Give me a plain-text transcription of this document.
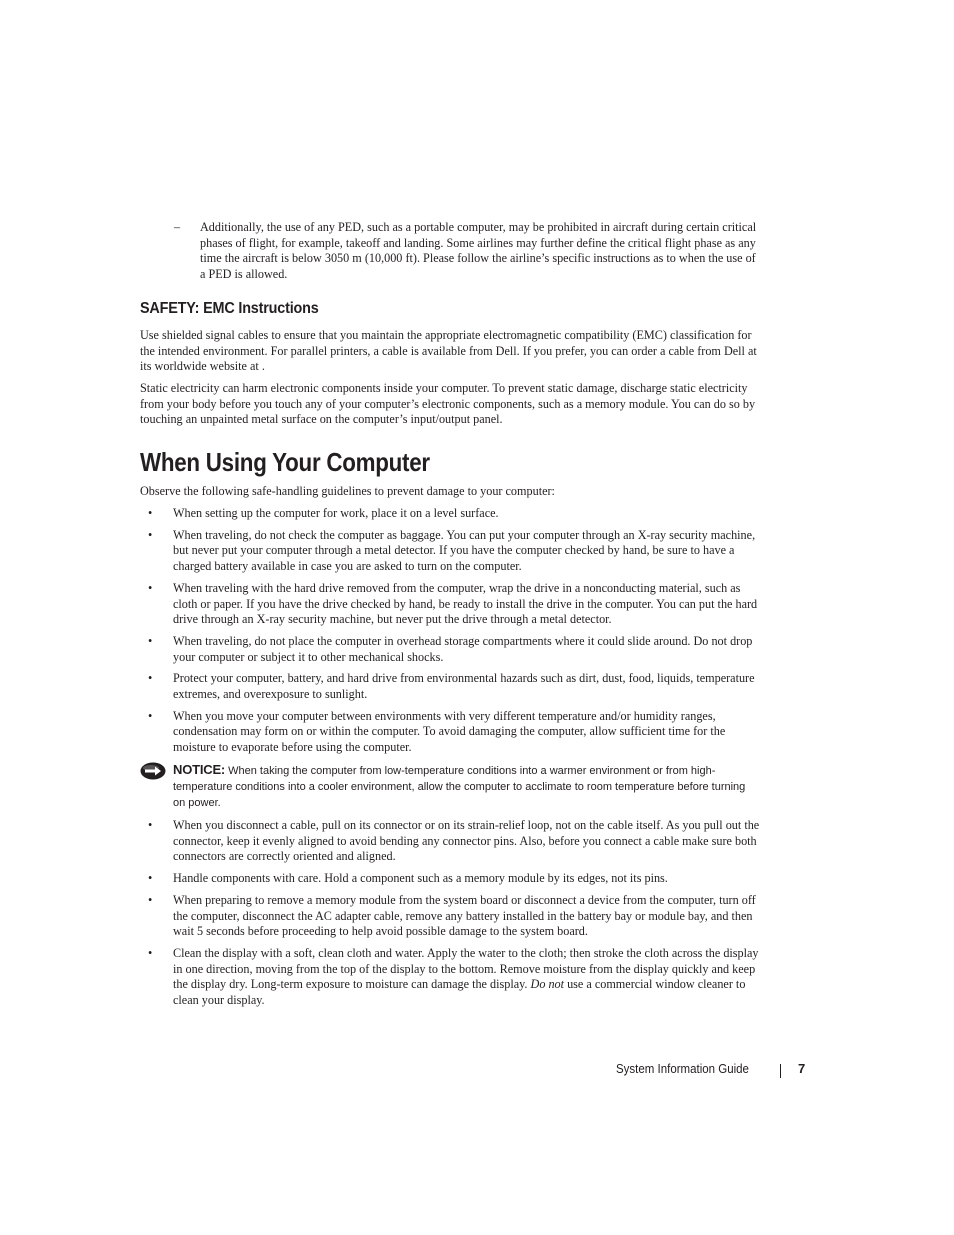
– Additionally, the use of any PED, such as a portable computer, may be prohibited in aircraft during certain critical phases of flight, for example, takeoff and landing. Some airlines may further define the critical flight phase as any time the aircraft is below 3050 m (10,000 ft). Please follow the airline’s specific instructions as to when the use of a PED is allowed.
SAFETY: EMC Instructions
Use shielded signal cables to ensure that you maintain the appropriate electromagnetic compatibility (EMC) classification for the intended environment. For parallel printers, a cable is available from Dell. If you prefer, you can order a cable from Dell at its worldwide website at .
Static electricity can harm electronic components inside your computer. To prevent static damage, discharge static electricity from your body before you touch any of your computer’s electronic components, such as a memory module. You can do so by touching an unpainted metal surface on the computer’s input/output panel.
When Using Your Computer
Observe the following safe-handling guidelines to prevent damage to your computer:
• When setting up the computer for work, place it on a level surface.
• When traveling, do not check the computer as baggage. You can put your computer through an X-ray security machine, but never put your computer through a metal detector. If you have the computer checked by hand, be sure to have a charged battery available in case you are asked to turn on the computer.
• When traveling with the hard drive removed from the computer, wrap the drive in a nonconducting material, such as cloth or paper. If you have the drive checked by hand, be ready to install the drive in the computer. You can put the hard drive through an X-ray security machine, but never put the drive through a metal detector.
• When traveling, do not place the computer in overhead storage compartments where it could slide around. Do not drop your computer or subject it to other mechanical shocks.
• Protect your computer, battery, and hard drive from environmental hazards such as dirt, dust, food, liquids, temperature extremes, and overexposure to sunlight.
• When you move your computer between environments with very different temperature and/or humidity ranges, condensation may form on or within the computer. To avoid damaging the computer, allow sufficient time for the moisture to evaporate before using the computer.
NOTICE: When taking the computer from low-temperature conditions into a warmer environment or from high-temperature conditions into a cooler environment, allow the computer to acclimate to room temperature before turning on power.
• When you disconnect a cable, pull on its connector or on its strain-relief loop, not on the cable itself. As you pull out the connector, keep it evenly aligned to avoid bending any connector pins. Also, before you connect a cable make sure both connectors are correctly oriented and aligned.
• Handle components with care. Hold a component such as a memory module by its edges, not its pins.
• When preparing to remove a memory module from the system board or disconnect a device from the computer, turn off the computer, disconnect the AC adapter cable, remove any battery installed in the battery bay or module bay, and then wait 5 seconds before proceeding to help avoid possible damage to the system board.
• Clean the display with a soft, clean cloth and water. Apply the water to the cloth; then stroke the cloth across the display in one direction, moving from the top of the display to the bottom. Remove moisture from the display quickly and keep the display dry. Long-term exposure to moisture can damage the display. Do not use a commercial window cleaner to clean your display.
System Information Guide	7
